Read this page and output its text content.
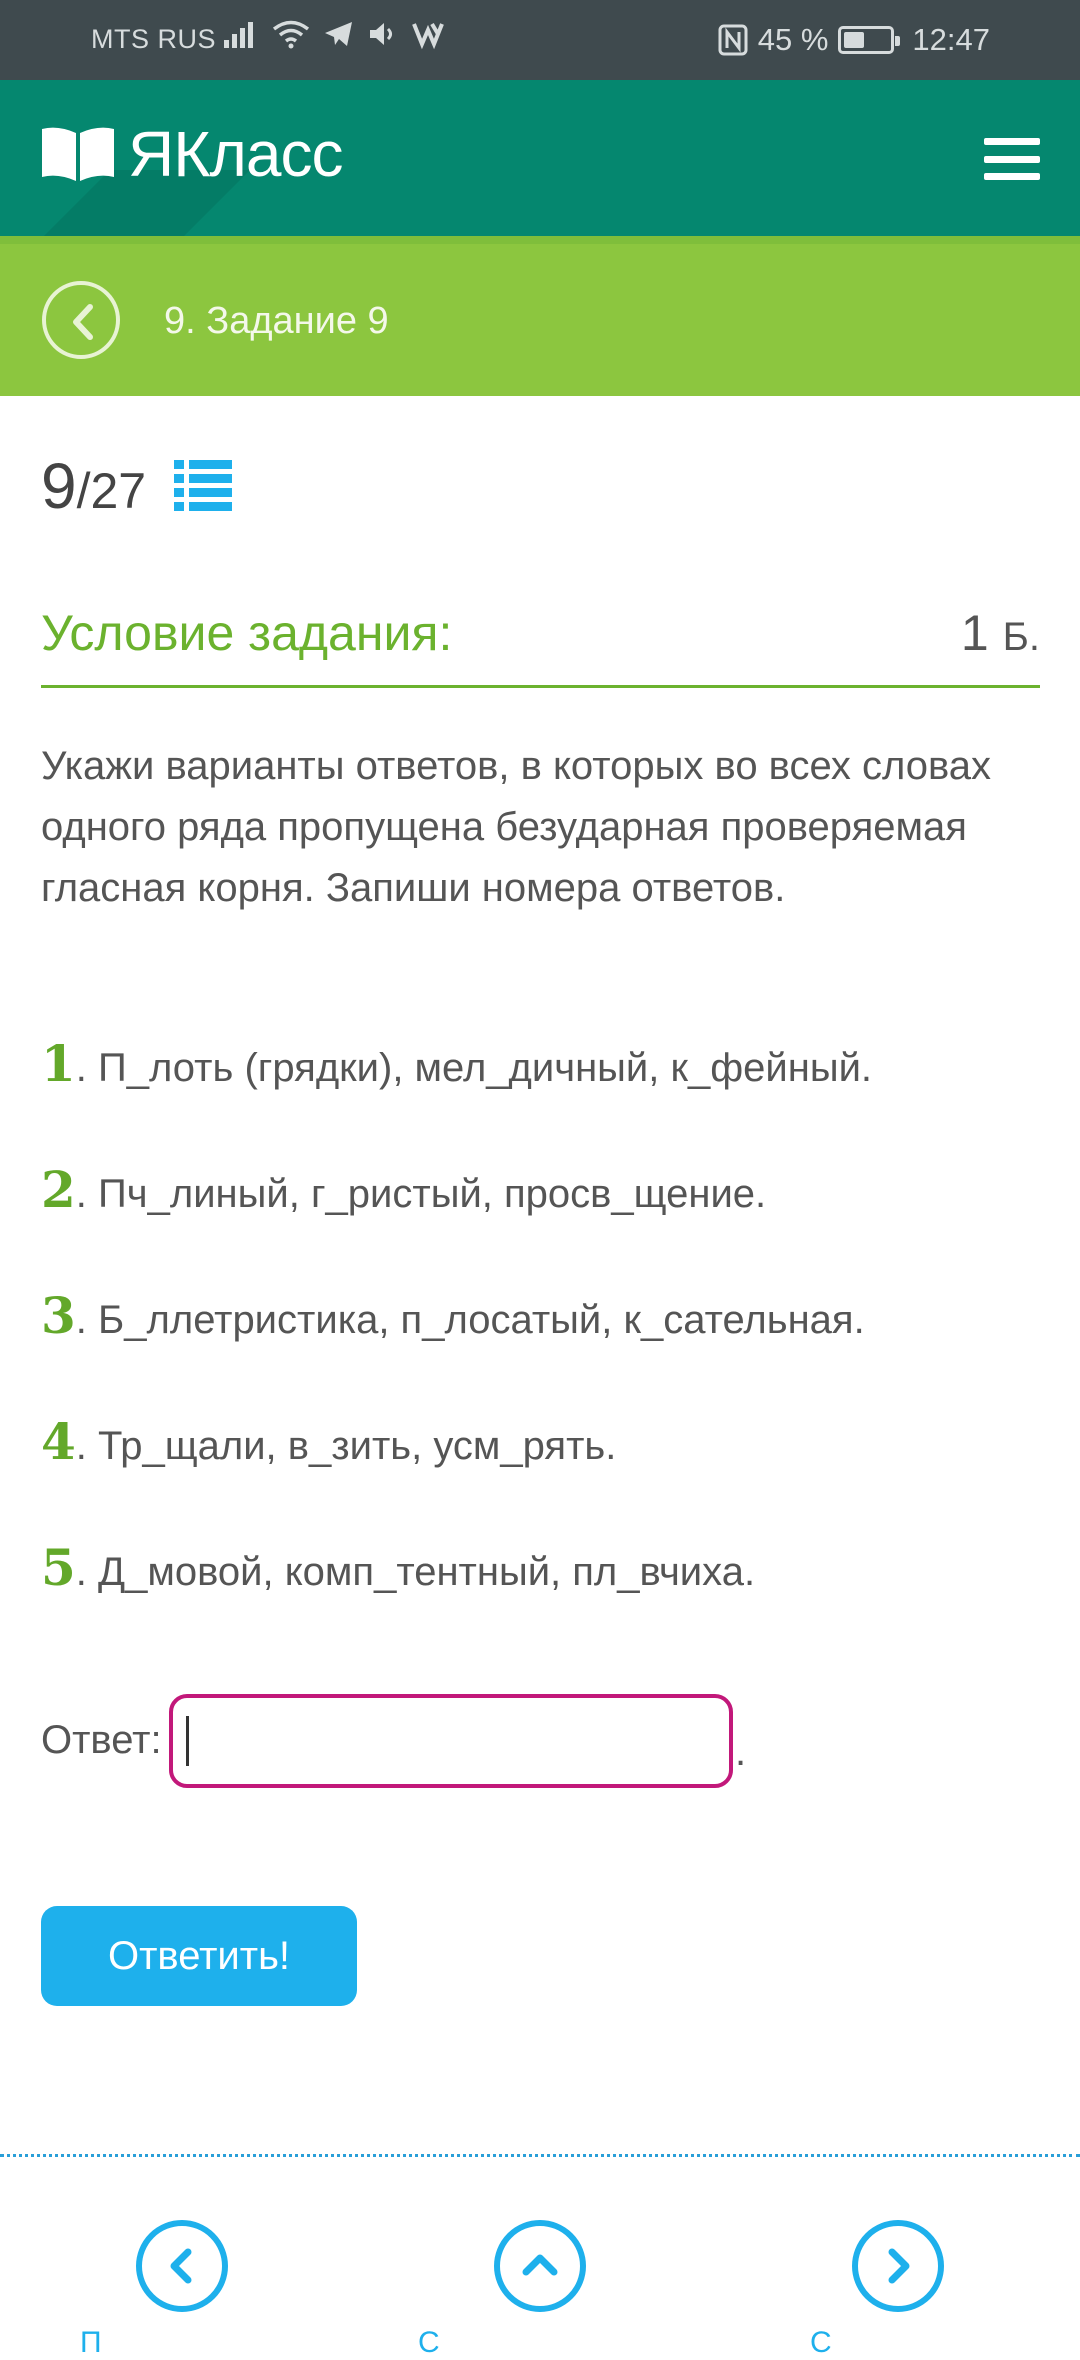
MTS RUS	45 %	12:47
ЯКласс
9. Задание 9
9 / 27
Условие задания:	1 Б.

Укажи варианты ответов, в которых во всех словах одного ряда пропущена безударная проверяемая гласная корня. Запиши номера ответов.

1. П_лоть (грядки), мел_дичный, к_фейный.
2. Пч_линый, г_ристый, просв_щение.
3. Б_ллетристика, п_лосатый, к_сательная.
4. Тр_щали, в_зить, усм_рять.
5. Д_мовой, комп_тентный, пл_вчиха.
Ответ:	.
Ответить!
П	С	С
